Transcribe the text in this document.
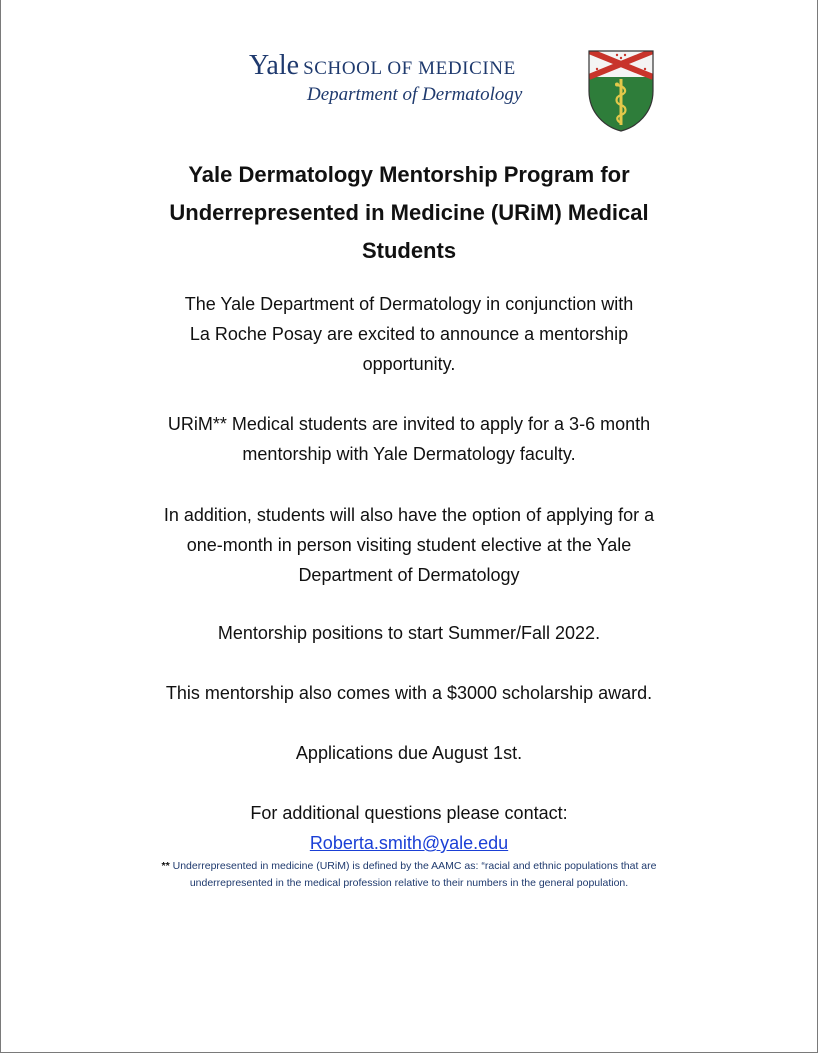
Yale SCHOOL OF MEDICINE
Department of Dermatology
Yale Dermatology Mentorship Program for
Underrepresented in Medicine (URiM) Medical
Students
The Yale Department of Dermatology in conjunction with
La Roche Posay are excited to announce a mentorship
opportunity.
URiM** Medical students are invited to apply for a 3-6 month
mentorship with Yale Dermatology faculty.
In addition, students will also have the option of applying for a
one-month in person visiting student elective at the Yale
Department of Dermatology
Mentorship positions to start Summer/Fall 2022.
This mentorship also comes with a $3000 scholarship award.
Applications due August 1st.
For additional questions please contact:
Roberta.smith@yale.edu
** Underrepresented in medicine (URiM) is defined by the AAMC as: “racial and ethnic populations that are
underrepresented in the medical profession relative to their numbers in the general population.
